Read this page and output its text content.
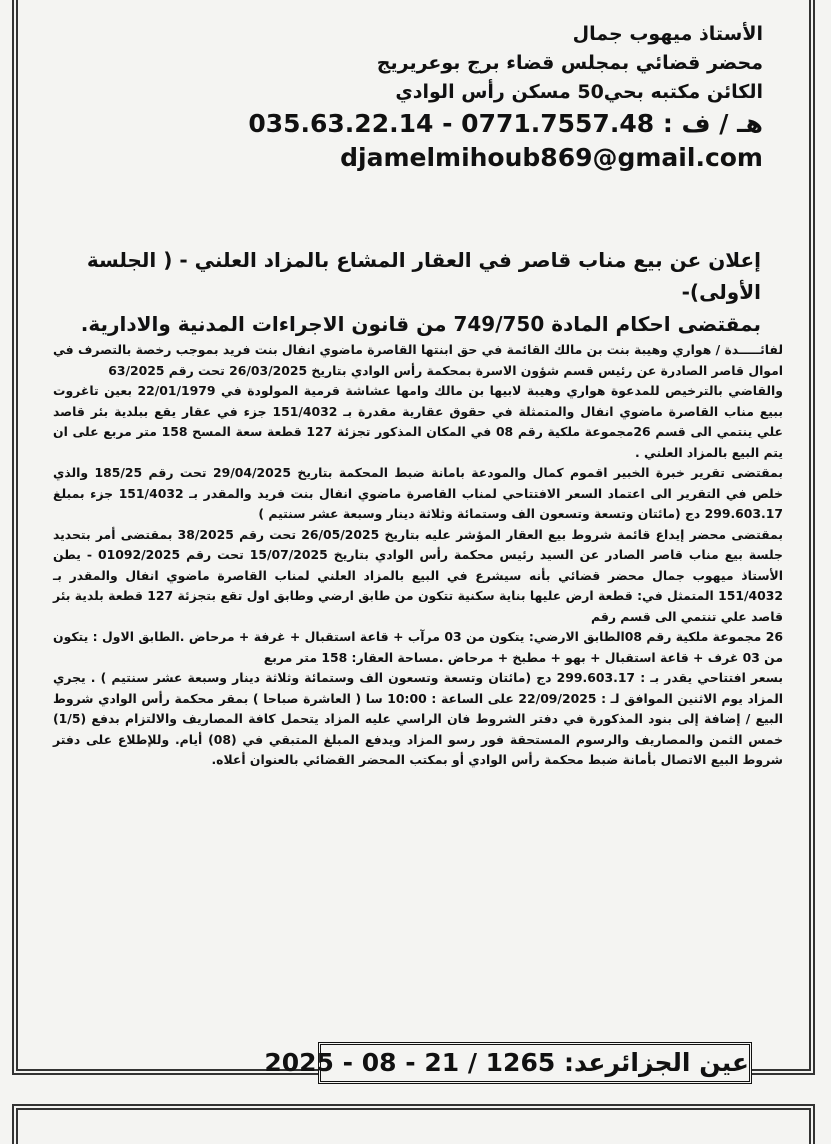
الأستاذ ميهوب جمال
محضر قضائي بمجلس قضاء برج بوعريريج
الكائن مكتبه بحي50 مسكن رأس الوادي
هـ / ف : 0771.7557.48 - 035.63.22.14
djamelmihoub869@gmail.com
إعلان عن بيع مناب قاصر في العقار المشاع بالمزاد العلني - ( الجلسة الأولى)-
بمقتضى احكام المادة 749/750 من قانون الاجراءات المدنية والادارية.

لفائـــــدة / هواري وهيبة بنت بن مالك القائمة في حق ابنتها القاصرة ماضوي انفال بنت فريد بموجب رخصة بالتصرف في اموال قاصر الصادرة عن رئيس قسم شؤون الاسرة بمحكمة رأس الوادي بتاريخ 26/03/2025 تحت رقم 63/2025

والقاضي بالترخيص للمدعوة هواري وهيبة لابيها بن مالك وامها عشاشة قرمية المولودة في 22/01/1979 بعين تاغروت ببيع مناب القاصرة ماضوي انفال والمتمثلة في حقوق عقارية مقدرة بـ 151/4032 جزء في عقار يقع ببلدية بئر قاصد علي ينتمي الى قسم 26مجموعة ملكية رقم 08 في المكان المذكور تجزئة 127 قطعة سعة المسح 158 متر مربع على ان يتم البيع بالمزاد العلني .

بمقتضى تقرير خبرة الخبير اقموم كمال والمودعة بامانة ضبط المحكمة بتاريخ 29/04/2025 تحت رقم 185/25 والذي خلص في التقرير الى اعتماد السعر الافتتاحي لمناب القاصرة ماضوي انفال بنت فريد والمقدر بـ 151/4032 جزء بمبلغ 299.603.17 دج (مائتان وتسعة وتسعون الف وستمائة وثلاثة دينار وسبعة عشر سنتيم )

بمقتضى محضر إيداع قائمة شروط بيع العقار المؤشر عليه بتاريخ 26/05/2025 تحت رقم 38/2025 بمقتضى أمر بتحديد جلسة بيع مناب قاصر الصادر عن السيد رئيس محكمة رأس الوادي بتاريخ 15/07/2025 تحت رقم 01092/2025 - يطن الأستاذ ميهوب جمال محضر قضائي بأنه سيشرع في البيع بالمزاد العلني لمناب القاصرة ماضوي انفال والمقدر بـ 151/4032 المتمثل في: قطعة ارض عليها بناية سكنية تتكون من طابق ارضي وطابق اول تقع بتجزئة 127 قطعة بلدية بئر قاصد علي تنتمي الى قسم رقم

26 مجموعة ملكية رقم 08الطابق الارضي: يتكون من 03 مرآب + قاعة استقبال + غرفة + مرحاض .الطابق الاول : يتكون من 03 غرف + قاعة استقبال + بهو + مطبخ + مرحاض .مساحة العقار: 158 متر مربع

بسعر افتتاحي يقدر بـ : 299.603.17 دج (مائتان وتسعة وتسعون الف وستمائة وثلاثة دينار وسبعة عشر سنتيم ) . يجري المزاد يوم الاثنين الموافق لـ : 22/09/2025 على الساعة : 10:00 سا ( العاشرة صباحا ) بمقر محكمة رأس الوادي شروط البيع / إضافة إلى بنود المذكورة في دفتر الشروط فان الراسي عليه المزاد يتحمل كافة المصاريف والالتزام بدفع (1/5) خمس الثمن والمصاريف والرسوم المستحقة فور رسو المزاد ويدفع المبلغ المتبقي في (08) أيام. وللإطلاع على دفتر شروط البيع الاتصال بأمانة ضبط محكمة رأس الوادي أو بمكتب المحضر القضائي بالعنوان أعلاه.

عين الجزائرعد: 1265 / 21 - 08 - 2025
